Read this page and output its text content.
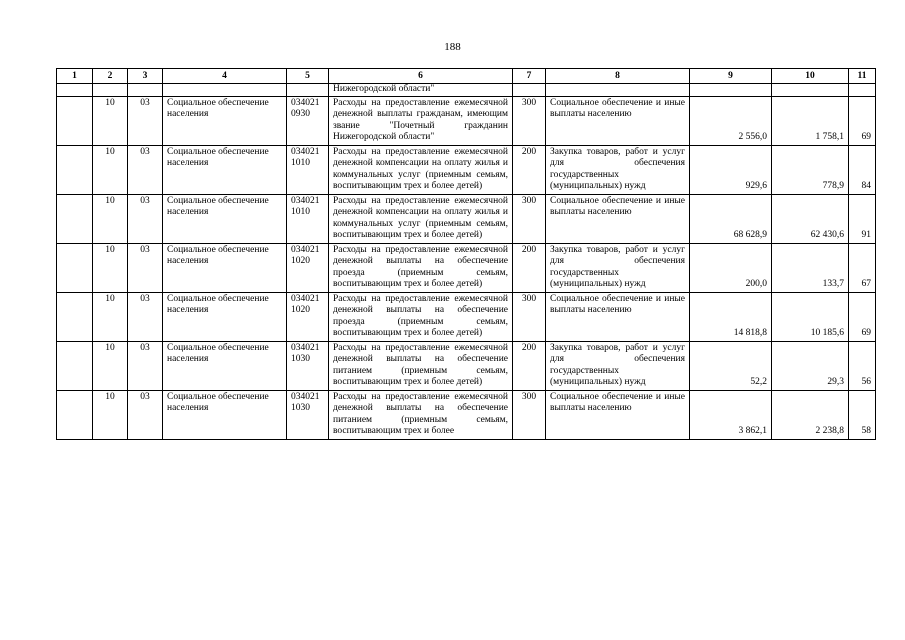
188
1	2	3	4	5	6	7	8	9	10	11
					Нижегородской области"					
	10	03	Социальное обеспечение населения	034021 0930	Расходы на предоставление ежемесячной денежной выплаты гражданам, имеющим звание "Почетный гражданин Нижегородской области"	300	Социальное обеспечение и иные выплаты населению	2 556,0	1 758,1	69
	10	03	Социальное обеспечение населения	034021 1010	Расходы на предоставление ежемесячной денежной компенсации на оплату жилья и коммунальных услуг (приемным семьям, воспитывающим трех и более детей)	200	Закупка товаров, работ и услуг для обеспечения государственных (муниципальных) нужд	929,6	778,9	84
	10	03	Социальное обеспечение населения	034021 1010	Расходы на предоставление ежемесячной денежной компенсации на оплату жилья и коммунальных услуг (приемным семьям, воспитывающим трех и более детей)	300	Социальное обеспечение и иные выплаты населению	68 628,9	62 430,6	91
	10	03	Социальное обеспечение населения	034021 1020	Расходы на предоставление ежемесячной денежной выплаты на обеспечение проезда (приемным семьям, воспитывающим трех и более детей)	200	Закупка товаров, работ и услуг для обеспечения государственных (муниципальных) нужд	200,0	133,7	67
	10	03	Социальное обеспечение населения	034021 1020	Расходы на предоставление ежемесячной денежной выплаты на обеспечение проезда (приемным семьям, воспитывающим трех и более детей)	300	Социальное обеспечение и иные выплаты населению	14 818,8	10 185,6	69
	10	03	Социальное обеспечение населения	034021 1030	Расходы на предоставление ежемесячной денежной выплаты на обеспечение питанием (приемным семьям, воспитывающим трех и более детей)	200	Закупка товаров, работ и услуг для обеспечения государственных (муниципальных) нужд	52,2	29,3	56
	10	03	Социальное обеспечение населения	034021 1030	Расходы на предоставление ежемесячной денежной выплаты на обеспечение питанием (приемным семьям, воспитывающим трех и более	300	Социальное обеспечение и иные выплаты населению	3 862,1	2 238,8	58
